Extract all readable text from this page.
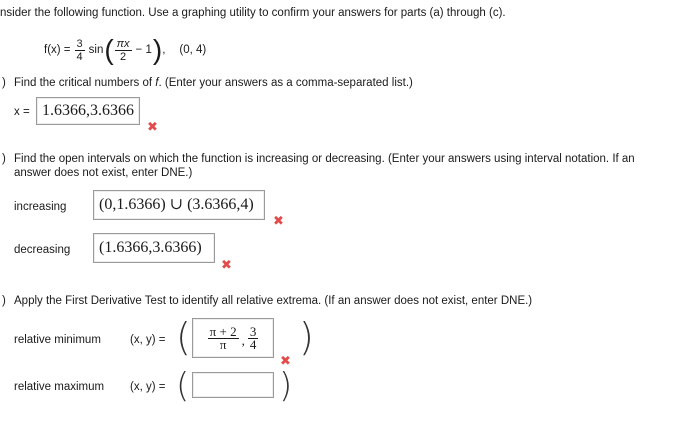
nsider the following function. Use a graphing utility to confirm your answers for parts (a) through (c).
$f(x) = \frac{3}{4}$ sin ( $\frac{\pi x}{2} - 1$ ) , (0, 4)
) Find the critical numbers of f. (Enter your answers as a comma-separated list.)
x = 1.6366,3.6366
✖
) Find the open intervals on which the function is increasing or decreasing. (Enter your answers using interval notation. If an
answer does not exist, enter DNE.)
increasing	(0,1.6366) ∪ (3.6366,4)
✖
decreasing	(1.6366,3.6366)
✖
) Apply the First Derivative Test to identify all relative extrema. (If an answer does not exist, enter DNE.)
relative minimum	(x, y) = ( $\frac{\pi + 2}{\pi}$ , $\frac{3}{4}$
✖
)
relative maximum (x, y) = (	)
